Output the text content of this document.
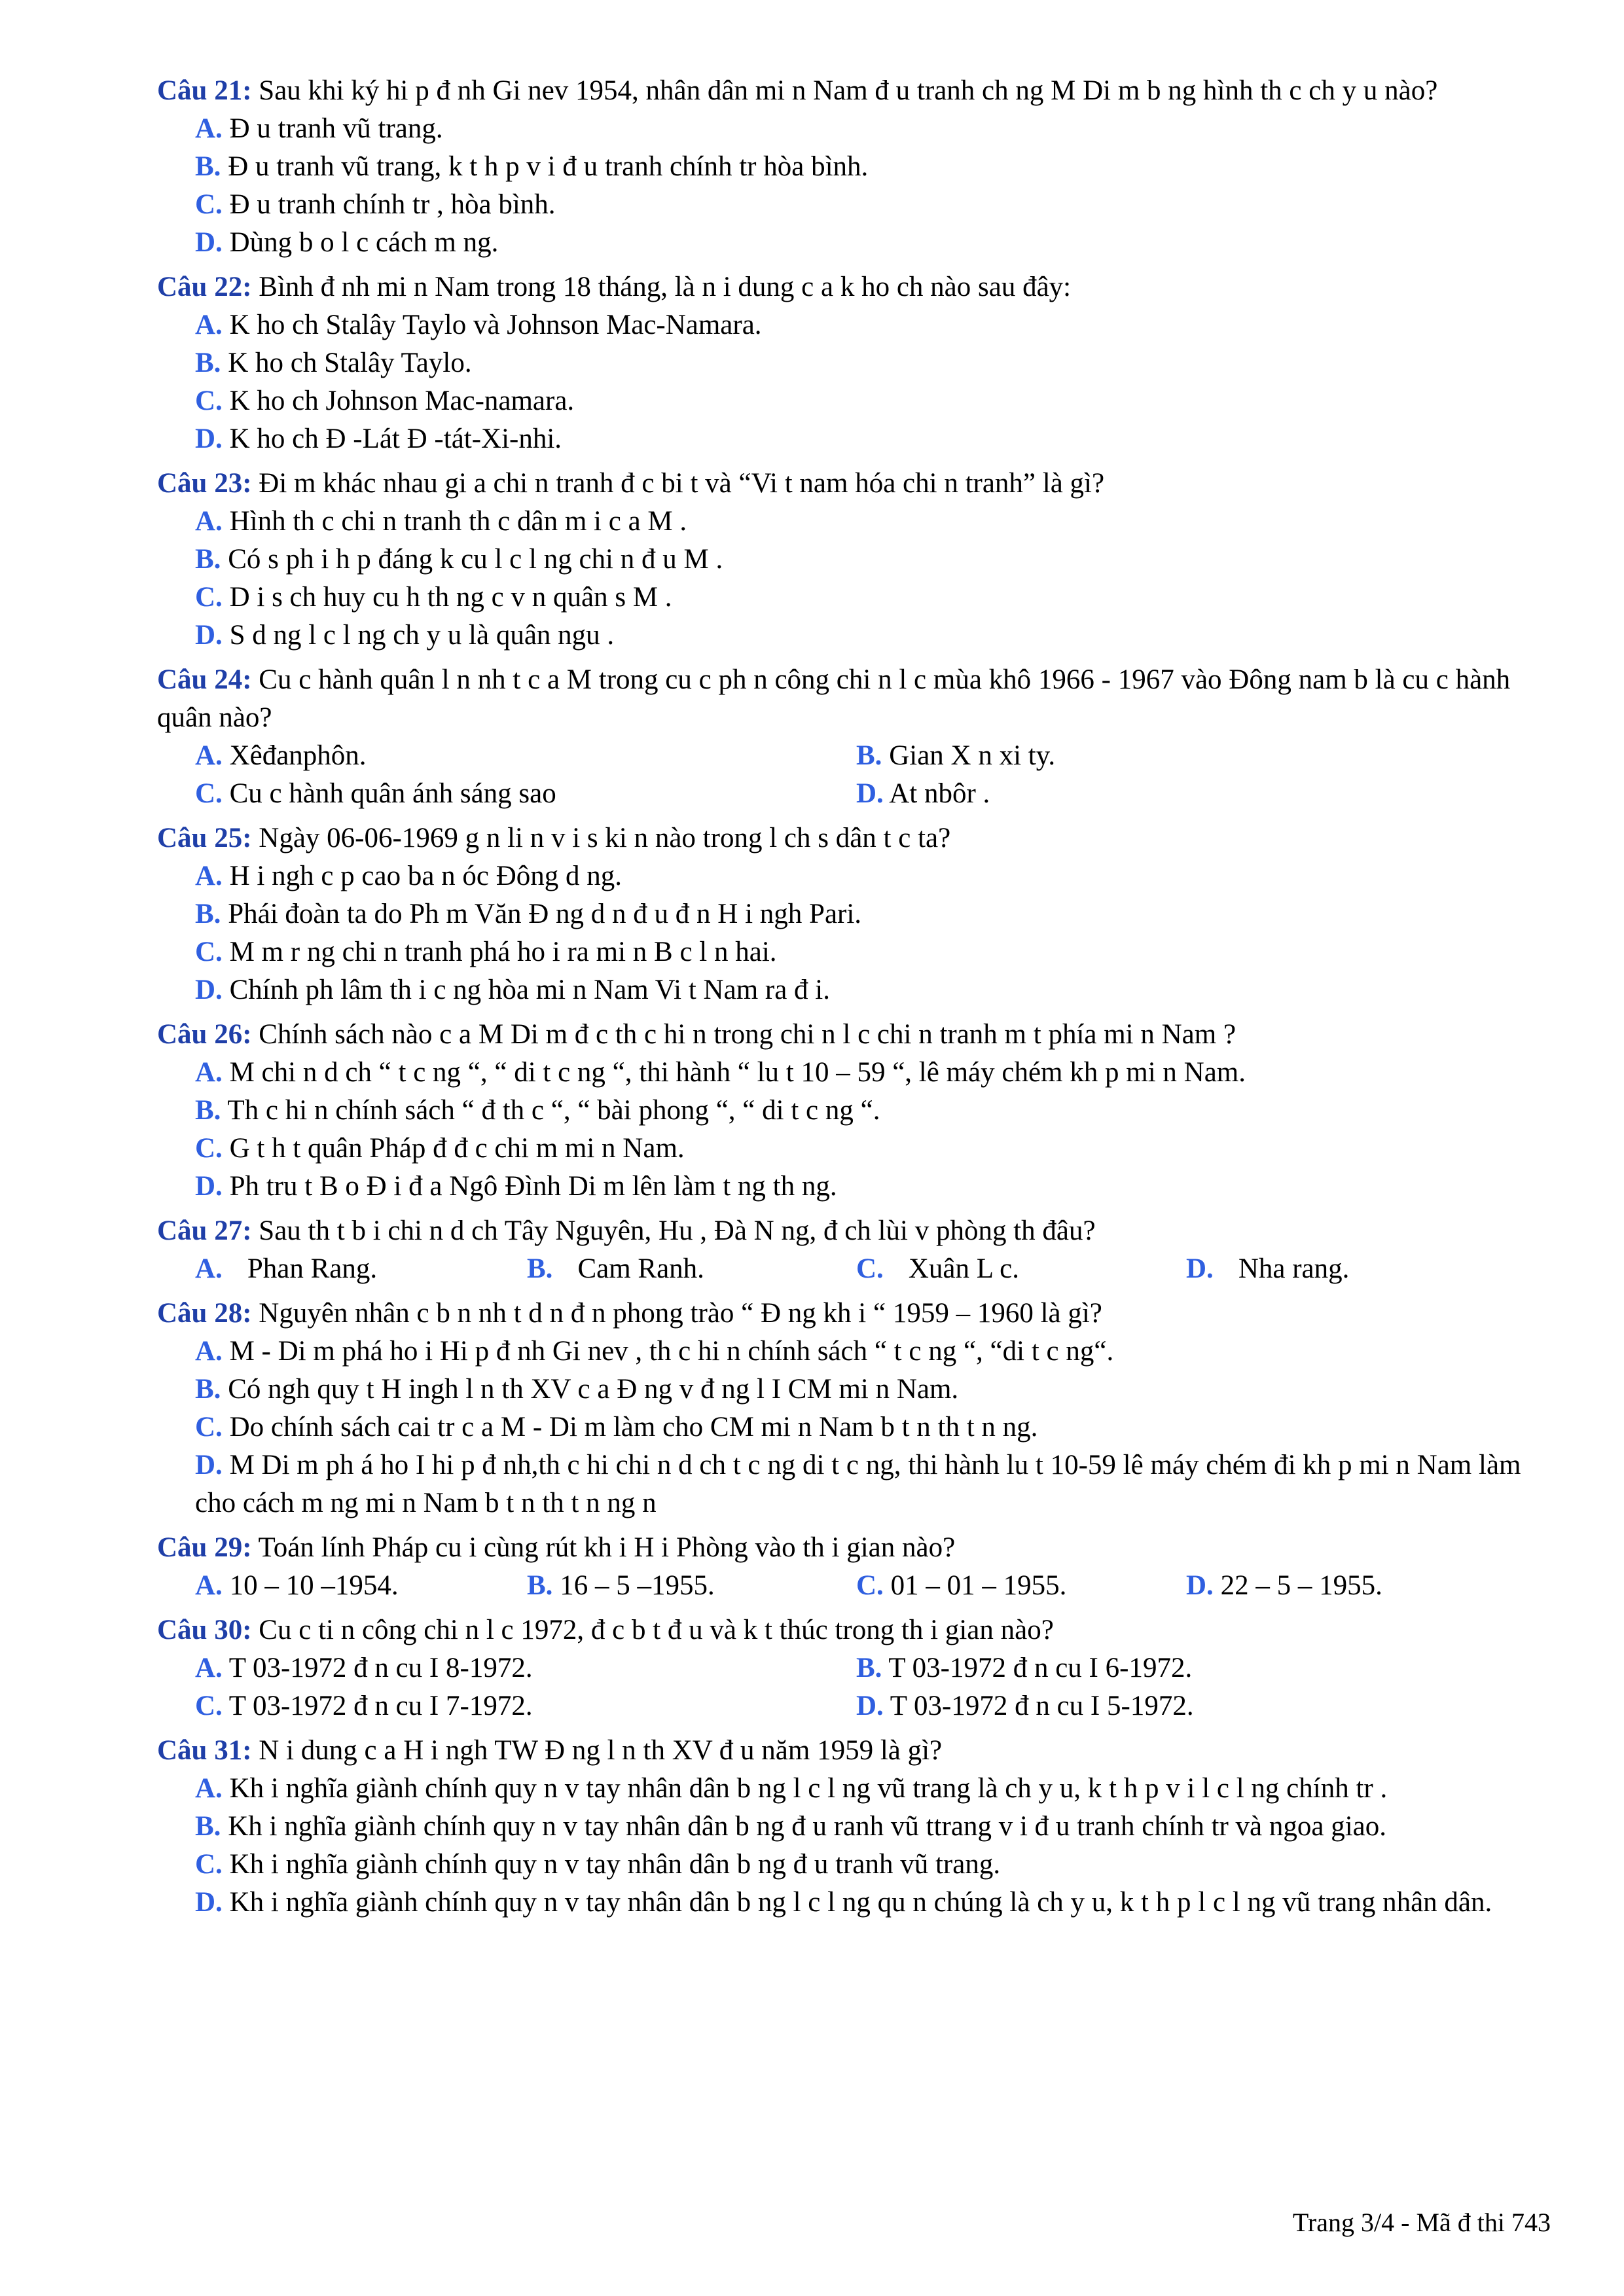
Câu 21: Sau khi ký hi p đ nh Gi nev 1954, nhân dân mi n Nam đ u tranh ch ng M Di m b ng hình th c ch y u nào?

A. Đ u tranh vũ trang.
B. Đ u tranh vũ trang, k t h p v i đ u tranh chính tr hòa bình.
C. Đ u tranh chính tr , hòa bình.
D. Dùng b o l c cách m ng.

Câu 22: Bình đ nh mi n Nam trong 18 tháng, là n i dung c a k ho ch nào sau đây:

A. K ho ch Stalây Taylo và Johnson Mac-Namara.
B. K ho ch Stalây Taylo.
C. K ho ch Johnson Mac-namara.
D. K ho ch Đ -Lát Đ -tát-Xi-nhi.

Câu 23: Đi m khác nhau gi a chi n tranh đ c bi t và “Vi t nam hóa chi n tranh” là gì?

A. Hình th c chi n tranh th c dân m i c a M .
B. Có s ph i h p đáng k cu l c l ng chi n đ u M .
C. D i s ch huy cu h th ng c v n quân s M .
D. S d ng l c l ng ch y u là quân ngu .

Câu 24: Cu c hành quân l n nh t c a M trong cu c ph n công chi n l c mùa khô 1966 - 1967 vào Đông nam b là cu c hành quân nào?

A. Xêđanphôn.	B. Gian X n xi ty.
C. Cu c hành quân ánh sáng sao	D. At nbôr .

Câu 25: Ngày 06-06-1969 g n li n v i s ki n nào trong l ch s dân t c ta?

A. H i ngh c p cao ba n óc Đông d ng.
B. Phái đoàn ta do Ph m Văn Đ ng d n đ u đ n H i ngh Pari.
C. M m r ng chi n tranh phá ho i ra mi n B c l n hai.
D. Chính ph lâm th i c ng hòa mi n Nam Vi t Nam ra đ i.

Câu 26: Chính sách nào c a M Di m đ c th c hi n trong chi n l c chi n tranh m t phía mi n Nam ?

A. M chi n d ch “ t c ng “, “ di t c ng “, thi hành “ lu t 10 – 59 “, lê máy chém kh p mi n Nam.
B. Th c hi n chính sách “ đ th c “, “ bài phong “, “ di t c ng “.
C. G t h t quân Pháp đ đ c chi m mi n Nam.
D. Ph tru t B o Đ i đ a Ngô Đình Di m lên làm t ng th ng.

Câu 27: Sau th t b i chi n d ch Tây Nguyên, Hu , Đà N ng, đ ch lùi v phòng th đâu?

A. Phan Rang.	B. Cam Ranh.	C. Xuân L c.	D. Nha rang.

Câu 28: Nguyên nhân c b n nh t d n đ n phong trào “ Đ ng kh i “ 1959 – 1960 là gì?

A. M - Di m phá ho i Hi p đ nh Gi nev , th c hi n chính sách “ t c ng “, “di t c ng“.
B. Có ngh quy t H ingh l n th XV c a Đ ng v đ ng l I CM mi n Nam.
C. Do chính sách cai tr c a M - Di m làm cho CM mi n Nam b t n th t n ng.
D. M Di m ph á ho I hi p đ nh,th c hi chi n d ch t c ng di t c ng, thi hành lu t 10-59 lê máy chém đi kh p mi n Nam làm cho cách m ng mi n Nam b t n th t n ng n

Câu 29: Toán lính Pháp cu i cùng rút kh i H i Phòng vào th i gian nào?

A. 10 – 10 –1954.	B. 16 – 5 –1955.	C. 01 – 01 – 1955.	D. 22 – 5 – 1955.

Câu 30: Cu c ti n công chi n l c 1972, đ c b t đ u và k t thúc trong th i gian nào?

A. T 03-1972 đ n cu I 8-1972.	B. T 03-1972 đ n cu I 6-1972.
C. T 03-1972 đ n cu I 7-1972.	D. T 03-1972 đ n cu I 5-1972.

Câu 31: N i dung c a H i ngh TW Đ ng l n th XV đ u năm 1959 là gì?

A. Kh i nghĩa giành chính quy n v tay nhân dân b ng l c l ng vũ trang là ch y u, k t h p v i l c l ng chính tr .
B. Kh i nghĩa giành chính quy n v tay nhân dân b ng đ u ranh vũ ttrang v i đ u tranh chính tr và ngoa giao.
C. Kh i nghĩa giành chính quy n v tay nhân dân b ng đ u tranh vũ trang.
D. Kh i nghĩa giành chính quy n v tay nhân dân b ng l c l ng qu n chúng là ch y u, k t h p l c l ng vũ trang nhân dân.
Trang 3/4 - Mã đ thi 743
